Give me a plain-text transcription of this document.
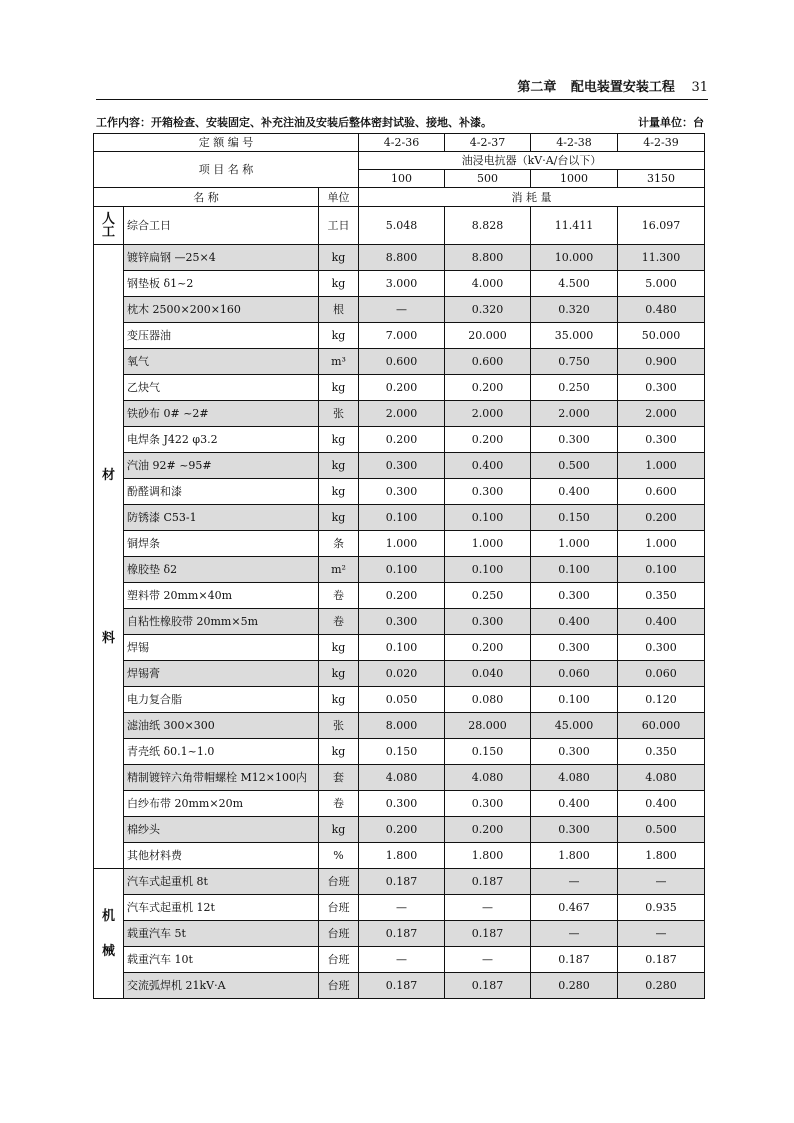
第二章 配电装置安装工程 31
工作内容：开箱检查、安装固定、补充注油及安装后整体密封试验、接地、补漆。	计量单位：台
定 额 编 号			4-2-36	4-2-37	4-2-38	4-2-39
项 目 名 称			油浸电抗器（kV·A/台以下）			
			100	500	1000	3150
名 称		单位	消 耗 量			
人
工	综合工日	工日	5.048	8.828	11.411	16.097

材
料	镀锌扁钢 —25×4	kg	8.800	8.800	10.000	11.300
	钢垫板 δ1~2	kg	3.000	4.000	4.500	5.000
	枕木 2500×200×160	根	—	0.320	0.320	0.480
	变压器油	kg	7.000	20.000	35.000	50.000
	氧气	m³	0.600	0.600	0.750	0.900
	乙炔气	kg	0.200	0.200	0.250	0.300
	铁砂布 0# ~2#	张	2.000	2.000	2.000	2.000
	电焊条 J422 φ3.2	kg	0.200	0.200	0.300	0.300
	汽油 92# ~95#	kg	0.300	0.400	0.500	1.000
	酚醛调和漆	kg	0.300	0.300	0.400	0.600
	防锈漆 C53-1	kg	0.100	0.100	0.150	0.200
	铜焊条	条	1.000	1.000	1.000	1.000
	橡胶垫 δ2	m²	0.100	0.100	0.100	0.100
	塑料带 20mm×40m	卷	0.200	0.250	0.300	0.350
	自粘性橡胶带 20mm×5m	卷	0.300	0.300	0.400	0.400
	焊锡	kg	0.100	0.200	0.300	0.300
	焊锡膏	kg	0.020	0.040	0.060	0.060
	电力复合脂	kg	0.050	0.080	0.100	0.120
	滤油纸 300×300	张	8.000	28.000	45.000	60.000
	青壳纸 δ0.1~1.0	kg	0.150	0.150	0.300	0.350
	精制镀锌六角带帽螺栓 M12×100内	套	4.080	4.080	4.080	4.080
	白纱布带 20mm×20m	卷	0.300	0.300	0.400	0.400
	棉纱头	kg	0.200	0.200	0.300	0.500
	其他材料费	%	1.800	1.800	1.800	1.800

机
械	汽车式起重机 8t	台班	0.187	0.187	—	—
	汽车式起重机 12t	台班	—	—	0.467	0.935
	载重汽车 5t	台班	0.187	0.187	—	—
	载重汽车 10t	台班	—	—	0.187	0.187
	交流弧焊机 21kV·A	台班	0.187	0.187	0.280	0.280
